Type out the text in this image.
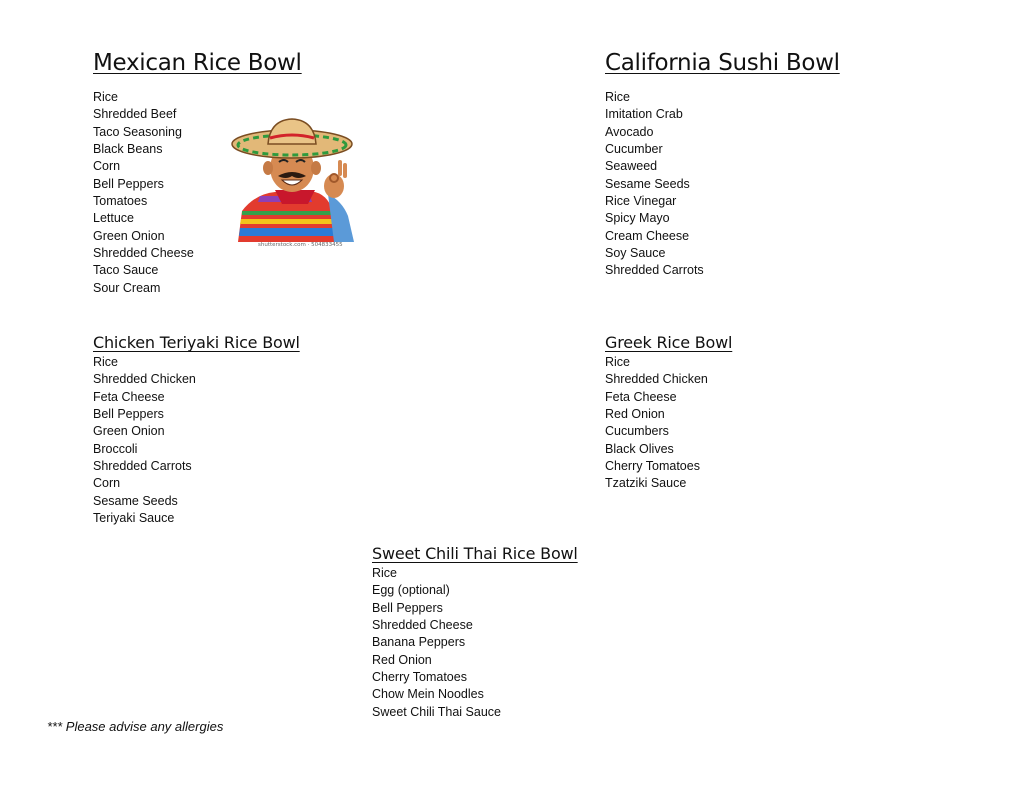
Mexican Rice Bowl
Rice
Shredded Beef
Taco Seasoning
Black Beans
Corn
Bell Peppers
Tomatoes
Lettuce
Green Onion
Shredded Cheese
Taco Sauce
Sour Cream
shutterstock.com · 504833455
California Sushi Bowl
Rice
Imitation Crab
Avocado
Cucumber
Seaweed
Sesame Seeds
Rice Vinegar
Spicy Mayo
Cream Cheese
Soy Sauce
Shredded Carrots
Chicken Teriyaki Rice Bowl
Rice
Shredded Chicken
Feta Cheese
Bell Peppers
Green Onion
Broccoli
Shredded Carrots
Corn
Sesame Seeds
Teriyaki Sauce
Greek Rice Bowl
Rice
Shredded Chicken
Feta Cheese
Red Onion
Cucumbers
Black Olives
Cherry Tomatoes
Tzatziki Sauce
Sweet Chili Thai Rice Bowl
Rice
Egg (optional)
Bell Peppers
Shredded Cheese
Banana Peppers
Red Onion
Cherry Tomatoes
Chow Mein Noodles
Sweet Chili Thai Sauce
*** Please advise any allergies
